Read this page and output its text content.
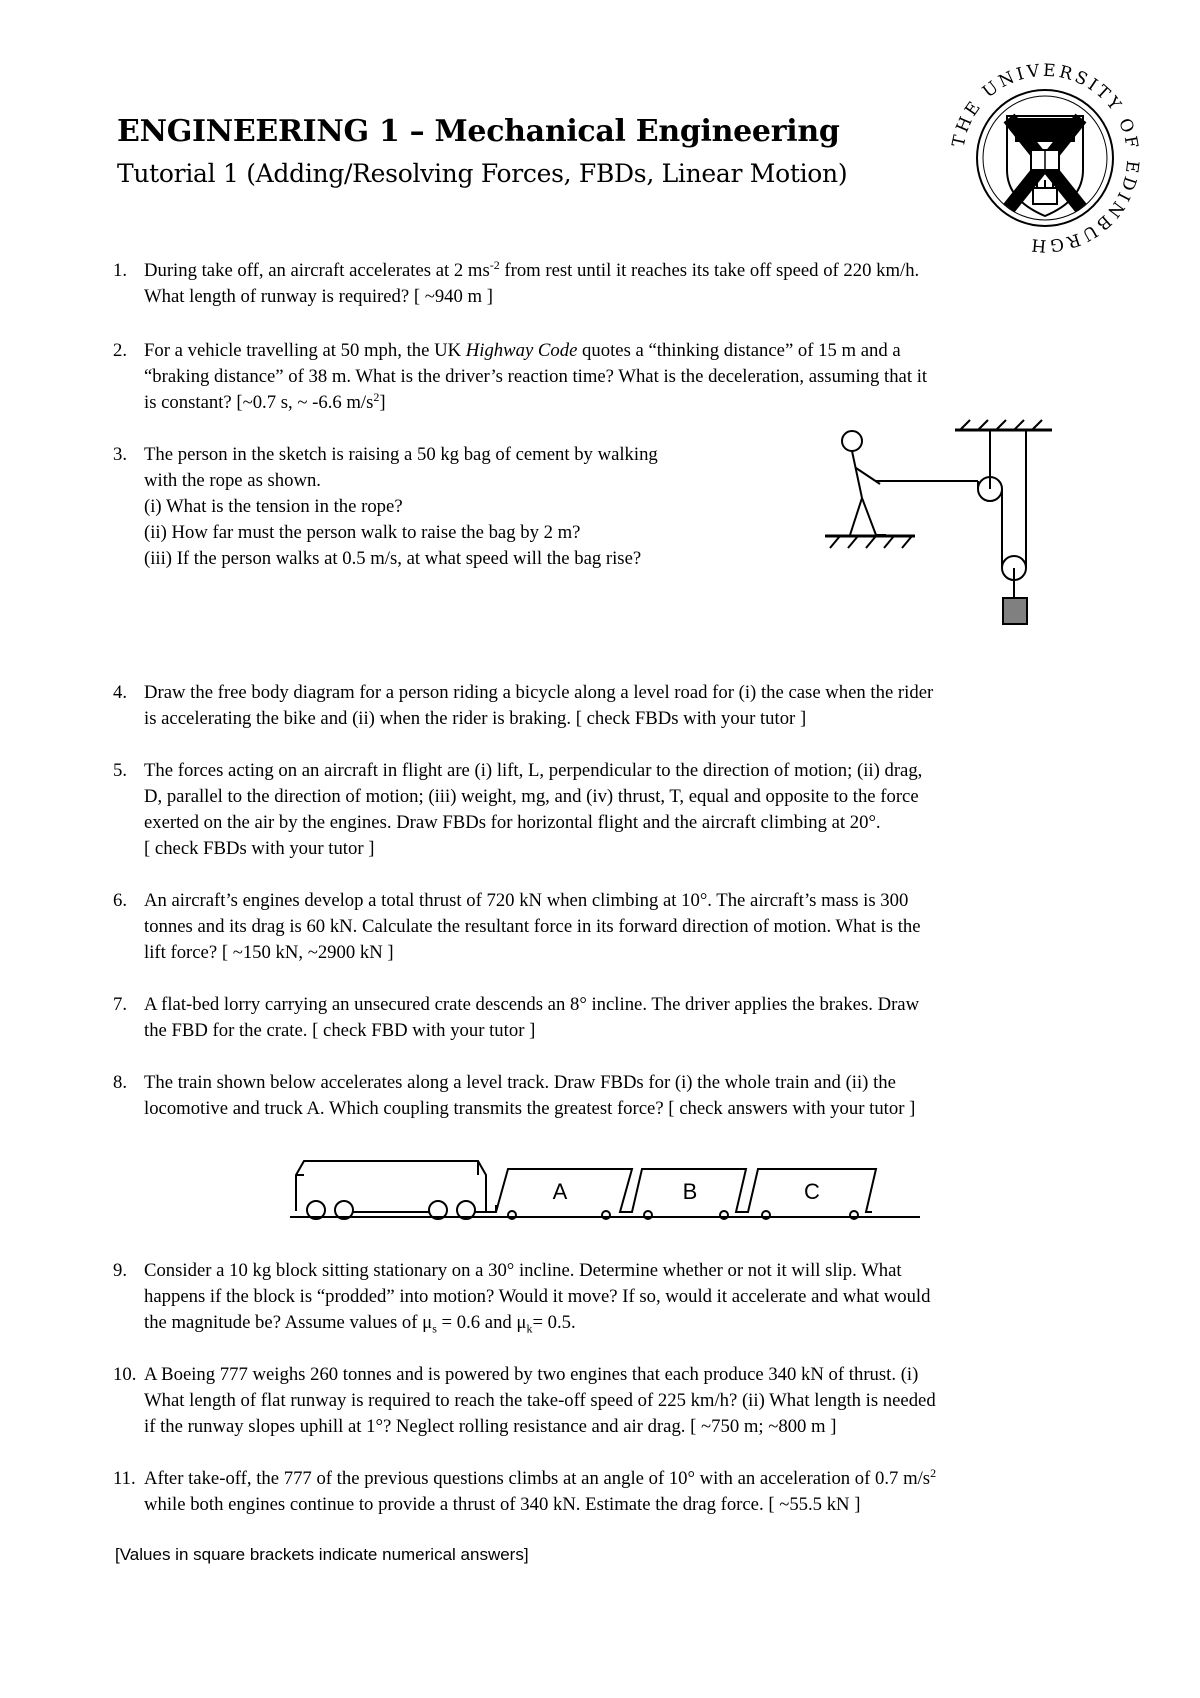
ENGINEERING 1 – Mechanical Engineering
Tutorial 1 (Adding/Resolving Forces, FBDs, Linear Motion)
THE UNIVERSITY OF EDINBURGH
1. During take off, an aircraft accelerates at 2 $ms^{-2}$ from rest until it reaches its take off speed of 220 km/h.

What length of runway is required? [ ~940 m ]

2. For a vehicle travelling at 50 mph, the UK Highway Code quotes a “thinking distance” of 15 m and a

“braking distance” of 38 m. What is the driver’s reaction time? What is the deceleration, assuming that it

is constant? [~0.7 s, ~ -6.6 $m/s^2$]

3. The person in the sketch is raising a 50 kg bag of cement by walking

with the rope as shown.

(i) What is the tension in the rope?

(ii) How far must the person walk to raise the bag by 2 m?

(iii) If the person walks at 0.5 m/s, at what speed will the bag rise?

4. Draw the free body diagram for a person riding a bicycle along a level road for (i) the case when the rider

is accelerating the bike and (ii) when the rider is braking. [ check FBDs with your tutor ]

5. The forces acting on an aircraft in flight are (i) lift, L, perpendicular to the direction of motion; (ii) drag,

D, parallel to the direction of motion; (iii) weight, mg, and (iv) thrust, T, equal and opposite to the force

exerted on the air by the engines. Draw FBDs for horizontal flight and the aircraft climbing at 20°.

[ check FBDs with your tutor ]

6. An aircraft’s engines develop a total thrust of 720 kN when climbing at 10°. The aircraft’s mass is 300

tonnes and its drag is 60 kN. Calculate the resultant force in its forward direction of motion. What is the

lift force? [ ~150 kN, ~2900 kN ]

7. A flat-bed lorry carrying an unsecured crate descends an 8° incline. The driver applies the brakes. Draw

the FBD for the crate. [ check FBD with your tutor ]

8. The train shown below accelerates along a level track. Draw FBDs for (i) the whole train and (ii) the

locomotive and truck A. Which coupling transmits the greatest force? [ check answers with your tutor ]

A	B	C
9. Consider a 10 kg block sitting stationary on a 30° incline. Determine whether or not it will slip. What

happens if the block is “prodded” into motion? Would it move? If so, would it accelerate and what would

the magnitude be? Assume values of $\mu_s = 0.6$ and $\mu_k= 0.5$.

10. A Boeing 777 weighs 260 tonnes and is powered by two engines that each produce 340 kN of thrust. (i)

What length of flat runway is required to reach the take-off speed of 225 km/h? (ii) What length is needed

if the runway slopes uphill at 1°? Neglect rolling resistance and air drag. [ ~750 m; ~800 m ]

11. After take-off, the 777 of the previous questions climbs at an angle of 10° with an acceleration of 0.7 $m/s^2$

while both engines continue to provide a thrust of 340 kN. Estimate the drag force. [ ~55.5 kN ]

[Values in square brackets indicate numerical answers]
